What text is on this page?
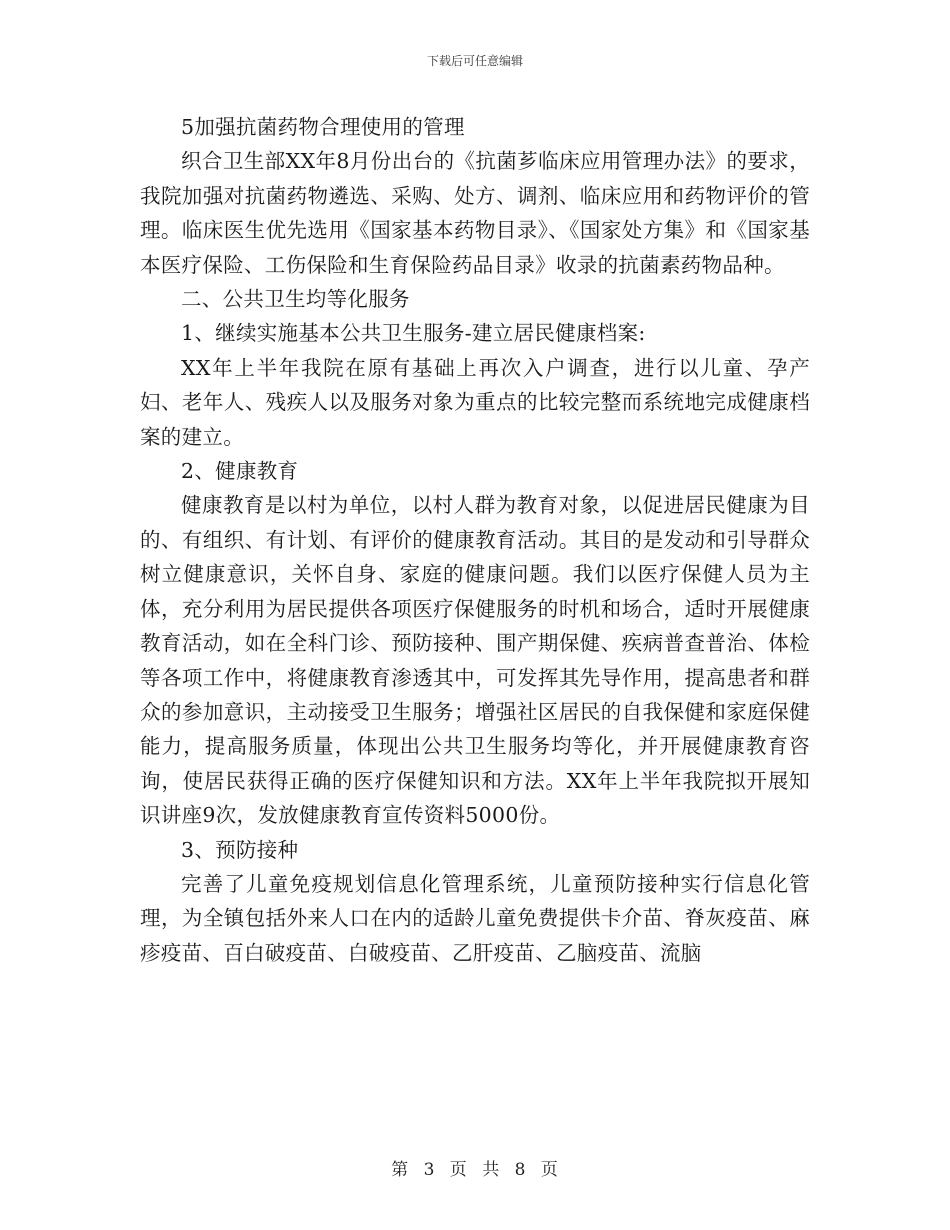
下载后可任意编辑

5加强抗菌药物合理使用的管理

织合卫生部XX年8月份出台的《抗菌芗临床应用管理办法》的要求，我院加强对抗菌药物遴选、采购、处方、调剂、临床应用和药物评价的管理。临床医生优先选用《国家基本药物目录》、《国家处方集》和《国家基本医疗保险、工伤保险和生育保险药品目录》收录的抗菌素药物品种。

二、公共卫生均等化服务

1、继续实施基本公共卫生服务-建立居民健康档案:

XX年上半年我院在原有基础上再次入户调查，进行以儿童、孕产妇、老年人、残疾人以及服务对象为重点的比较完整而系统地完成健康档案的建立。

2、健康教育

健康教育是以村为单位，以村人群为教育对象，以促进居民健康为目的、有组织、有计划、有评价的健康教育活动。其目的是发动和引导群众树立健康意识，关怀自身、家庭的健康问题。我们以医疗保健人员为主体，充分利用为居民提供各项医疗保健服务的时机和场合，适时开展健康教育活动，如在全科门诊、预防接种、围产期保健、疾病普查普治、体检等各项工作中，将健康教育渗透其中，可发挥其先导作用，提高患者和群众的参加意识，主动接受卫生服务；增强社区居民的自我保健和家庭保健能力，提高服务质量，体现出公共卫生服务均等化，并开展健康教育咨询，使居民获得正确的医疗保健知识和方法。XX年上半年我院拟开展知识讲座9次，发放健康教育宣传资料5000份。

3、预防接种

完善了儿童免疫规划信息化管理系统，儿童预防接种实行信息化管理，为全镇包括外来人口在内的适龄儿童免费提供卡介苗、脊灰疫苗、麻疹疫苗、百白破疫苗、白破疫苗、乙肝疫苗、乙脑疫苗、流脑

第 3 页 共 8 页
